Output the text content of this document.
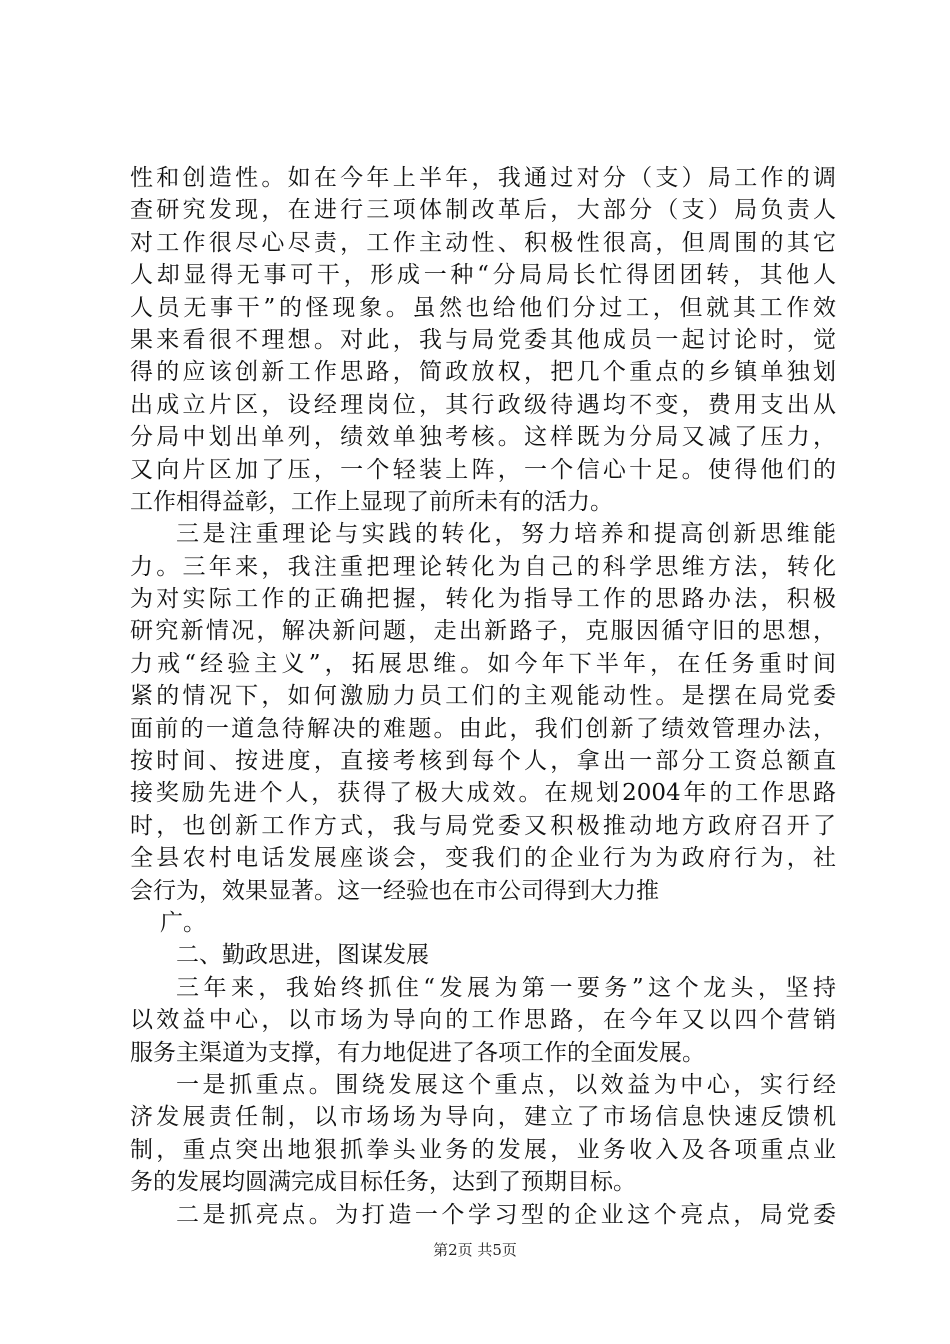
性和创造性。如在今年上半年，我通过对分（支）局工作的调
查研究发现，在进行三项体制改革后，大部分（支）局负责人
对工作很尽心尽责，工作主动性、积极性很高，但周围的其它
人却显得无事可干，形成一种“分局局长忙得团团转，其他人
人员无事干”的怪现象。虽然也给他们分过工，但就其工作效
果来看很不理想。对此，我与局党委其他成员一起讨论时，觉
得的应该创新工作思路，简政放权，把几个重点的乡镇单独划
出成立片区，设经理岗位，其行政级待遇均不变，费用支出从
分局中划出单列，绩效单独考核。这样既为分局又减了压力，
又向片区加了压，一个轻装上阵，一个信心十足。使得他们的
工作相得益彰，工作上显现了前所未有的活力。
三是注重理论与实践的转化，努力培养和提高创新思维能
力。三年来，我注重把理论转化为自己的科学思维方法，转化
为对实际工作的正确把握，转化为指导工作的思路办法，积极
研究新情况，解决新问题，走出新路子，克服因循守旧的思想，
力戒“经验主义”，拓展思维。如今年下半年，在任务重时间
紧的情况下，如何激励力员工们的主观能动性。是摆在局党委
面前的一道急待解决的难题。由此，我们创新了绩效管理办法，
按时间、按进度，直接考核到每个人，拿出一部分工资总额直
接奖励先进个人，获得了极大成效。在规划2004年的工作思路
时，也创新工作方式，我与局党委又积极推动地方政府召开了
全县农村电话发展座谈会，变我们的企业行为为政府行为，社
会行为，效果显著。这一经验也在市公司得到大力推
广。
二、勤政思进，图谋发展
三年来，我始终抓住“发展为第一要务”这个龙头，坚持
以效益中心，以市场为导向的工作思路，在今年又以四个营销
服务主渠道为支撑，有力地促进了各项工作的全面发展。
一是抓重点。围绕发展这个重点，以效益为中心，实行经
济发展责任制，以市场场为导向，建立了市场信息快速反馈机
制，重点突出地狠抓拳头业务的发展，业务收入及各项重点业
务的发展均圆满完成目标任务，达到了预期目标。
二是抓亮点。为打造一个学习型的企业这个亮点，局党委
第2页 共5页
